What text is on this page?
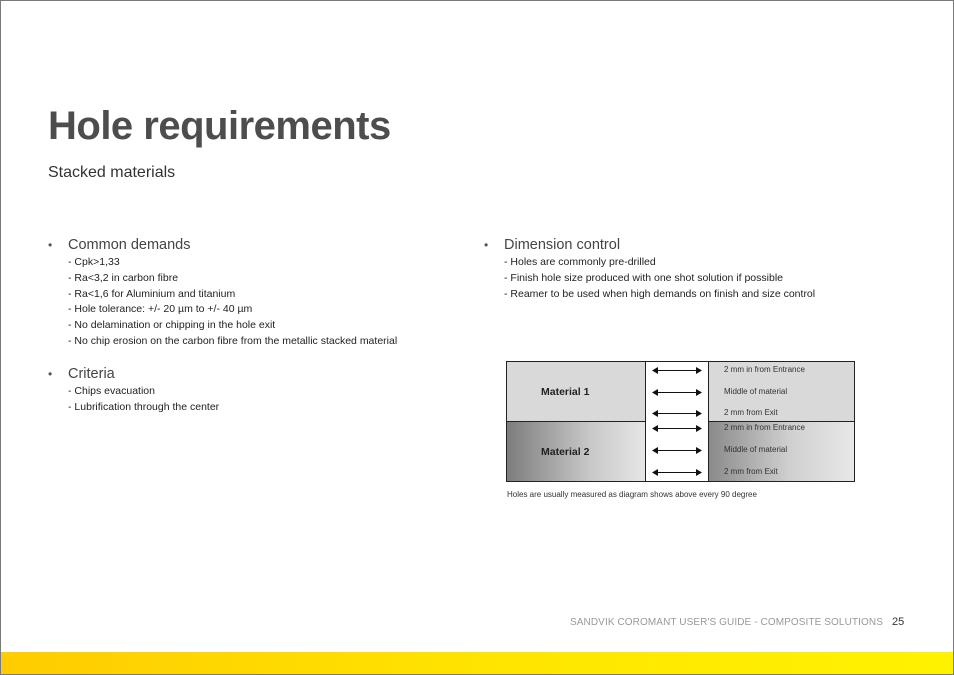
Hole requirements
Stacked materials
•	Common demands
- Cpk>1,33
- Ra<3,2 in carbon fibre
- Ra<1,6 for Aluminium and titanium
- Hole tolerance: +/- 20 µm to +/- 40 µm
- No delamination or chipping in the hole exit
- No chip erosion on the carbon fibre from the metallic stacked material
•	Criteria
- Chips evacuation
- Lubrification through the center
•	Dimension control
- Holes are commonly pre-drilled
- Finish hole size produced with one shot solution if possible
- Reamer to be used when high demands on finish and size control
Material 1
Material 2
2 mm in from Entrance
Middle of material
2 mm from Exit
2 mm in from Entrance
Middle of material
2 mm from Exit
Holes are usually measured as diagram shows above every 90 degree
SANDVIK COROMANT USER'S GUIDE - COMPOSITE SOLUTIONS 25
